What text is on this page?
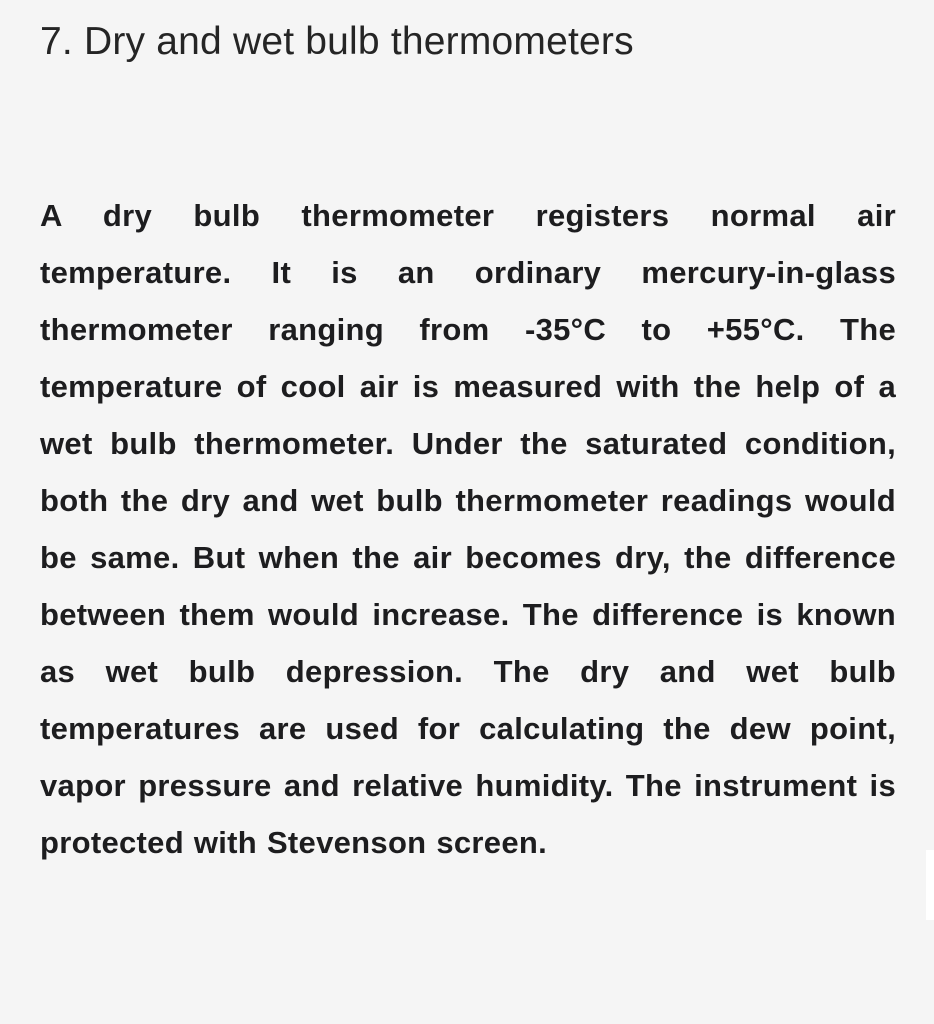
7. Dry and wet bulb thermometers

A dry bulb thermometer registers normal air temperature. It is an ordinary mercury-in-glass thermometer ranging from -35°C to +55°C. The temperature of cool air is measured with the help of a wet bulb thermometer. Under the saturated condition, both the dry and wet bulb thermometer readings would be same. But when the air becomes dry, the difference between them would increase. The difference is known as wet bulb depression. The dry and wet bulb temperatures are used for calculating the dew point, vapor pressure and relative humidity. The instrument is protected with Stevenson screen.
